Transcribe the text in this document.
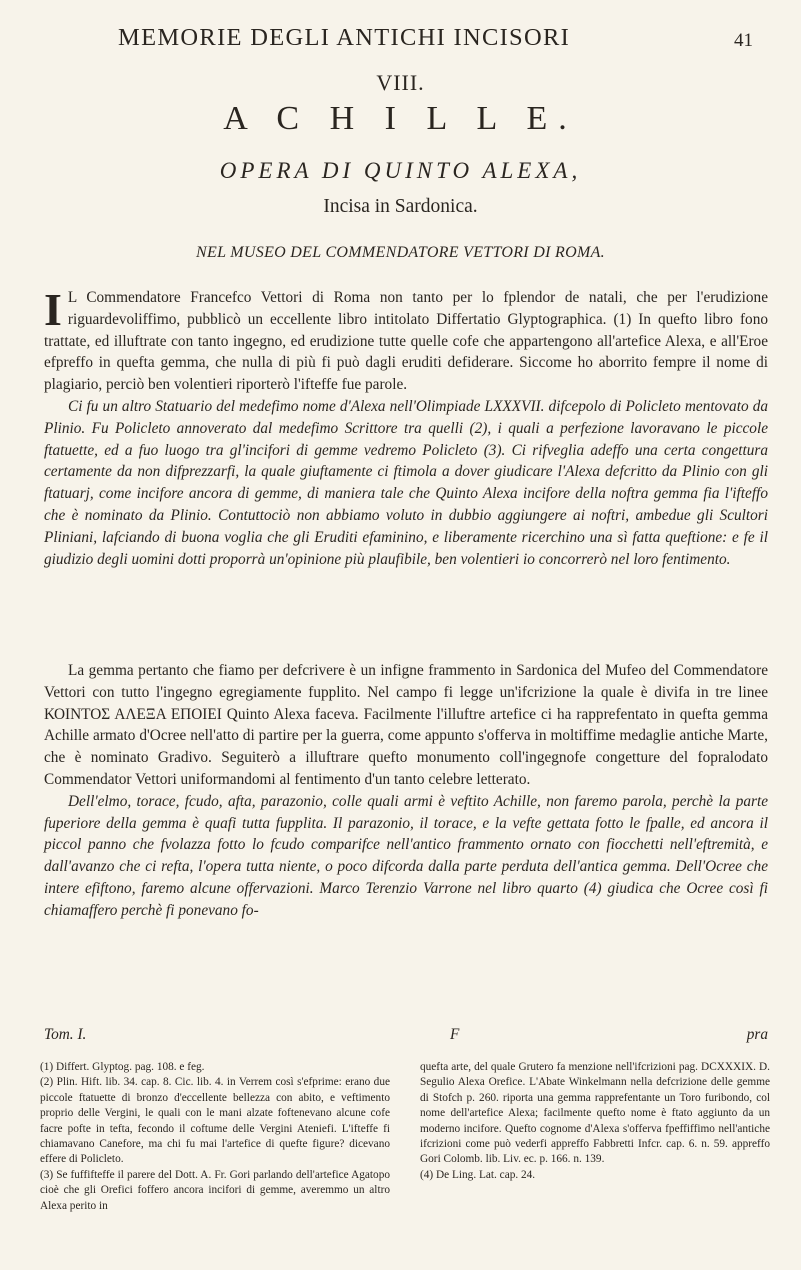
MEMORIE DEGLI ANTICHI INCISORI	41
VIII.
A C H I L L E.
OPERA DI QUINTO ALEXA,
Incisa in Sardonica.
NEL MUSEO DEL COMMENDATORE VETTORI DI ROMA.

I L Commendatore Francefco Vettori di Roma non tanto per lo fplendor de natali, che per l'erudizione riguardevoliffimo, pubblicò un eccellente libro intitolato Differtatio Glyptographica. (1) In quefto libro fono trattate, ed illuftrate con tanto ingegno, ed erudizione tutte quelle cofe che appartengono all'artefice Alexa, e all'Eroe efpreffo in quefta gemma, che nulla di più fi può dagli eruditi defiderare. Siccome ho aborrito fempre il nome di plagiario, perciò ben volentieri riporterò l'ifteffe fue parole.

Ci fu un altro Statuario del medefimo nome d'Alexa nell'Olimpiade LXXXVII. difcepolo di Policleto mentovato da Plinio. Fu Policleto annoverato dal medefimo Scrittore tra quelli (2), i quali a perfezione lavoravano le piccole ftatuette, ed a fuo luogo tra gl'incifori di gemme vedremo Policleto (3). Ci rifveglia adeffo una certa congettura certamente da non difprezzarfi, la quale giuftamente ci ftimola a dover giudicare l'Alexa defcritto da Plinio con gli ftatuarj, come incifore ancora di gemme, di maniera tale che Quinto Alexa incifore della noftra gemma fia l'ifteffo che è nominato da Plinio. Contuttociò non abbiamo voluto in dubbio aggiungere ai noftri, ambedue gli Scultori Pliniani, lafciando di buona voglia che gli Eruditi efaminino, e liberamente ricerchino una sì fatta queftione: e fe il giudizio degli uomini dotti proporrà un'opinione più plaufibile, ben volentieri io concorrerò nel loro fentimento.

La gemma pertanto che fiamo per defcrivere è un infigne frammento in Sardonica del Mufeo del Commendatore Vettori con tutto l'ingegno egregiamente fupplito. Nel campo fi legge un'ifcrizione la quale è divifa in tre linee ΚΟΙΝΤΟΣ ΑΛΕΞΑ ΕΠΟΙΕΙ Quinto Alexa faceva. Facilmente l'illuftre artefice ci ha rapprefentato in quefta gemma Achille armato d'Ocree nell'atto di partire per la guerra, come appunto s'offerva in moltiffime medaglie antiche Marte, che è nominato Gradivo. Seguiterò a illuftrare quefto monumento coll'ingegnofe congetture del fopralodato Commendator Vettori uniformandomi al fentimento d'un tanto celebre letterato.

Dell'elmo, torace, fcudo, afta, parazonio, colle quali armi è veftito Achille, non faremo parola, perchè la parte fuperiore della gemma è quafi tutta fupplita. Il parazonio, il torace, e la vefte gettata fotto le fpalle, ed ancora il piccol panno che fvolazza fotto lo fcudo comparifce nell'antico frammento ornato con fiocchetti nell'eftremità, e dall'avanzo che ci refta, l'opera tutta niente, o poco difcorda dalla parte perduta dell'antica gemma. Dell'Ocree che intere efiftono, faremo alcune offervazioni. Marco Terenzio Varrone nel libro quarto (4) giudica che Ocree così fi chiamaffero perchè fi ponevano fo-

Tom. I.	F	pra

(1) Differt. Glyptog. pag. 108. e feg.

(2) Plin. Hift. lib. 34. cap. 8. Cic. lib. 4. in Verrem così s'efprime: erano due piccole ftatuette di bronzo d'eccellente bellezza con abito, e veftimento proprio delle Vergini, le quali con le mani alzate foftenevano alcune cofe facre pofte in tefta, fecondo il coftume delle Vergini Ateniefi. L'ifteffe fi chiamavano Canefore, ma chi fu mai l'artefice di quefte figure? dicevano effere di Policleto.

(3) Se fuffifteffe il parere del Dott. A. Fr. Gori parlando dell'artefice Agatopo cioè che gli Orefici foffero ancora incifori di gemme, averemmo un altro Alexa perito in

quefta arte, del quale Grutero fa menzione nell'ifcrizioni pag. DCXXXIX. D. Segulio Alexa Orefice. L'Abate Winkelmann nella defcrizione delle gemme di Stofch p. 260. riporta una gemma rapprefentante un Toro furibondo, col nome dell'artefice Alexa; facilmente quefto nome è ftato aggiunto da un moderno incifore. Quefto cognome d'Alexa s'offerva fpeffiffimo nell'antiche ifcrizioni come può vederfi appreffo Fabbretti Infcr. cap. 6. n. 59. appreffo Gori Colomb. lib. Liv. ec. p. 166. n. 139.

(4) De Ling. Lat. cap. 24.
